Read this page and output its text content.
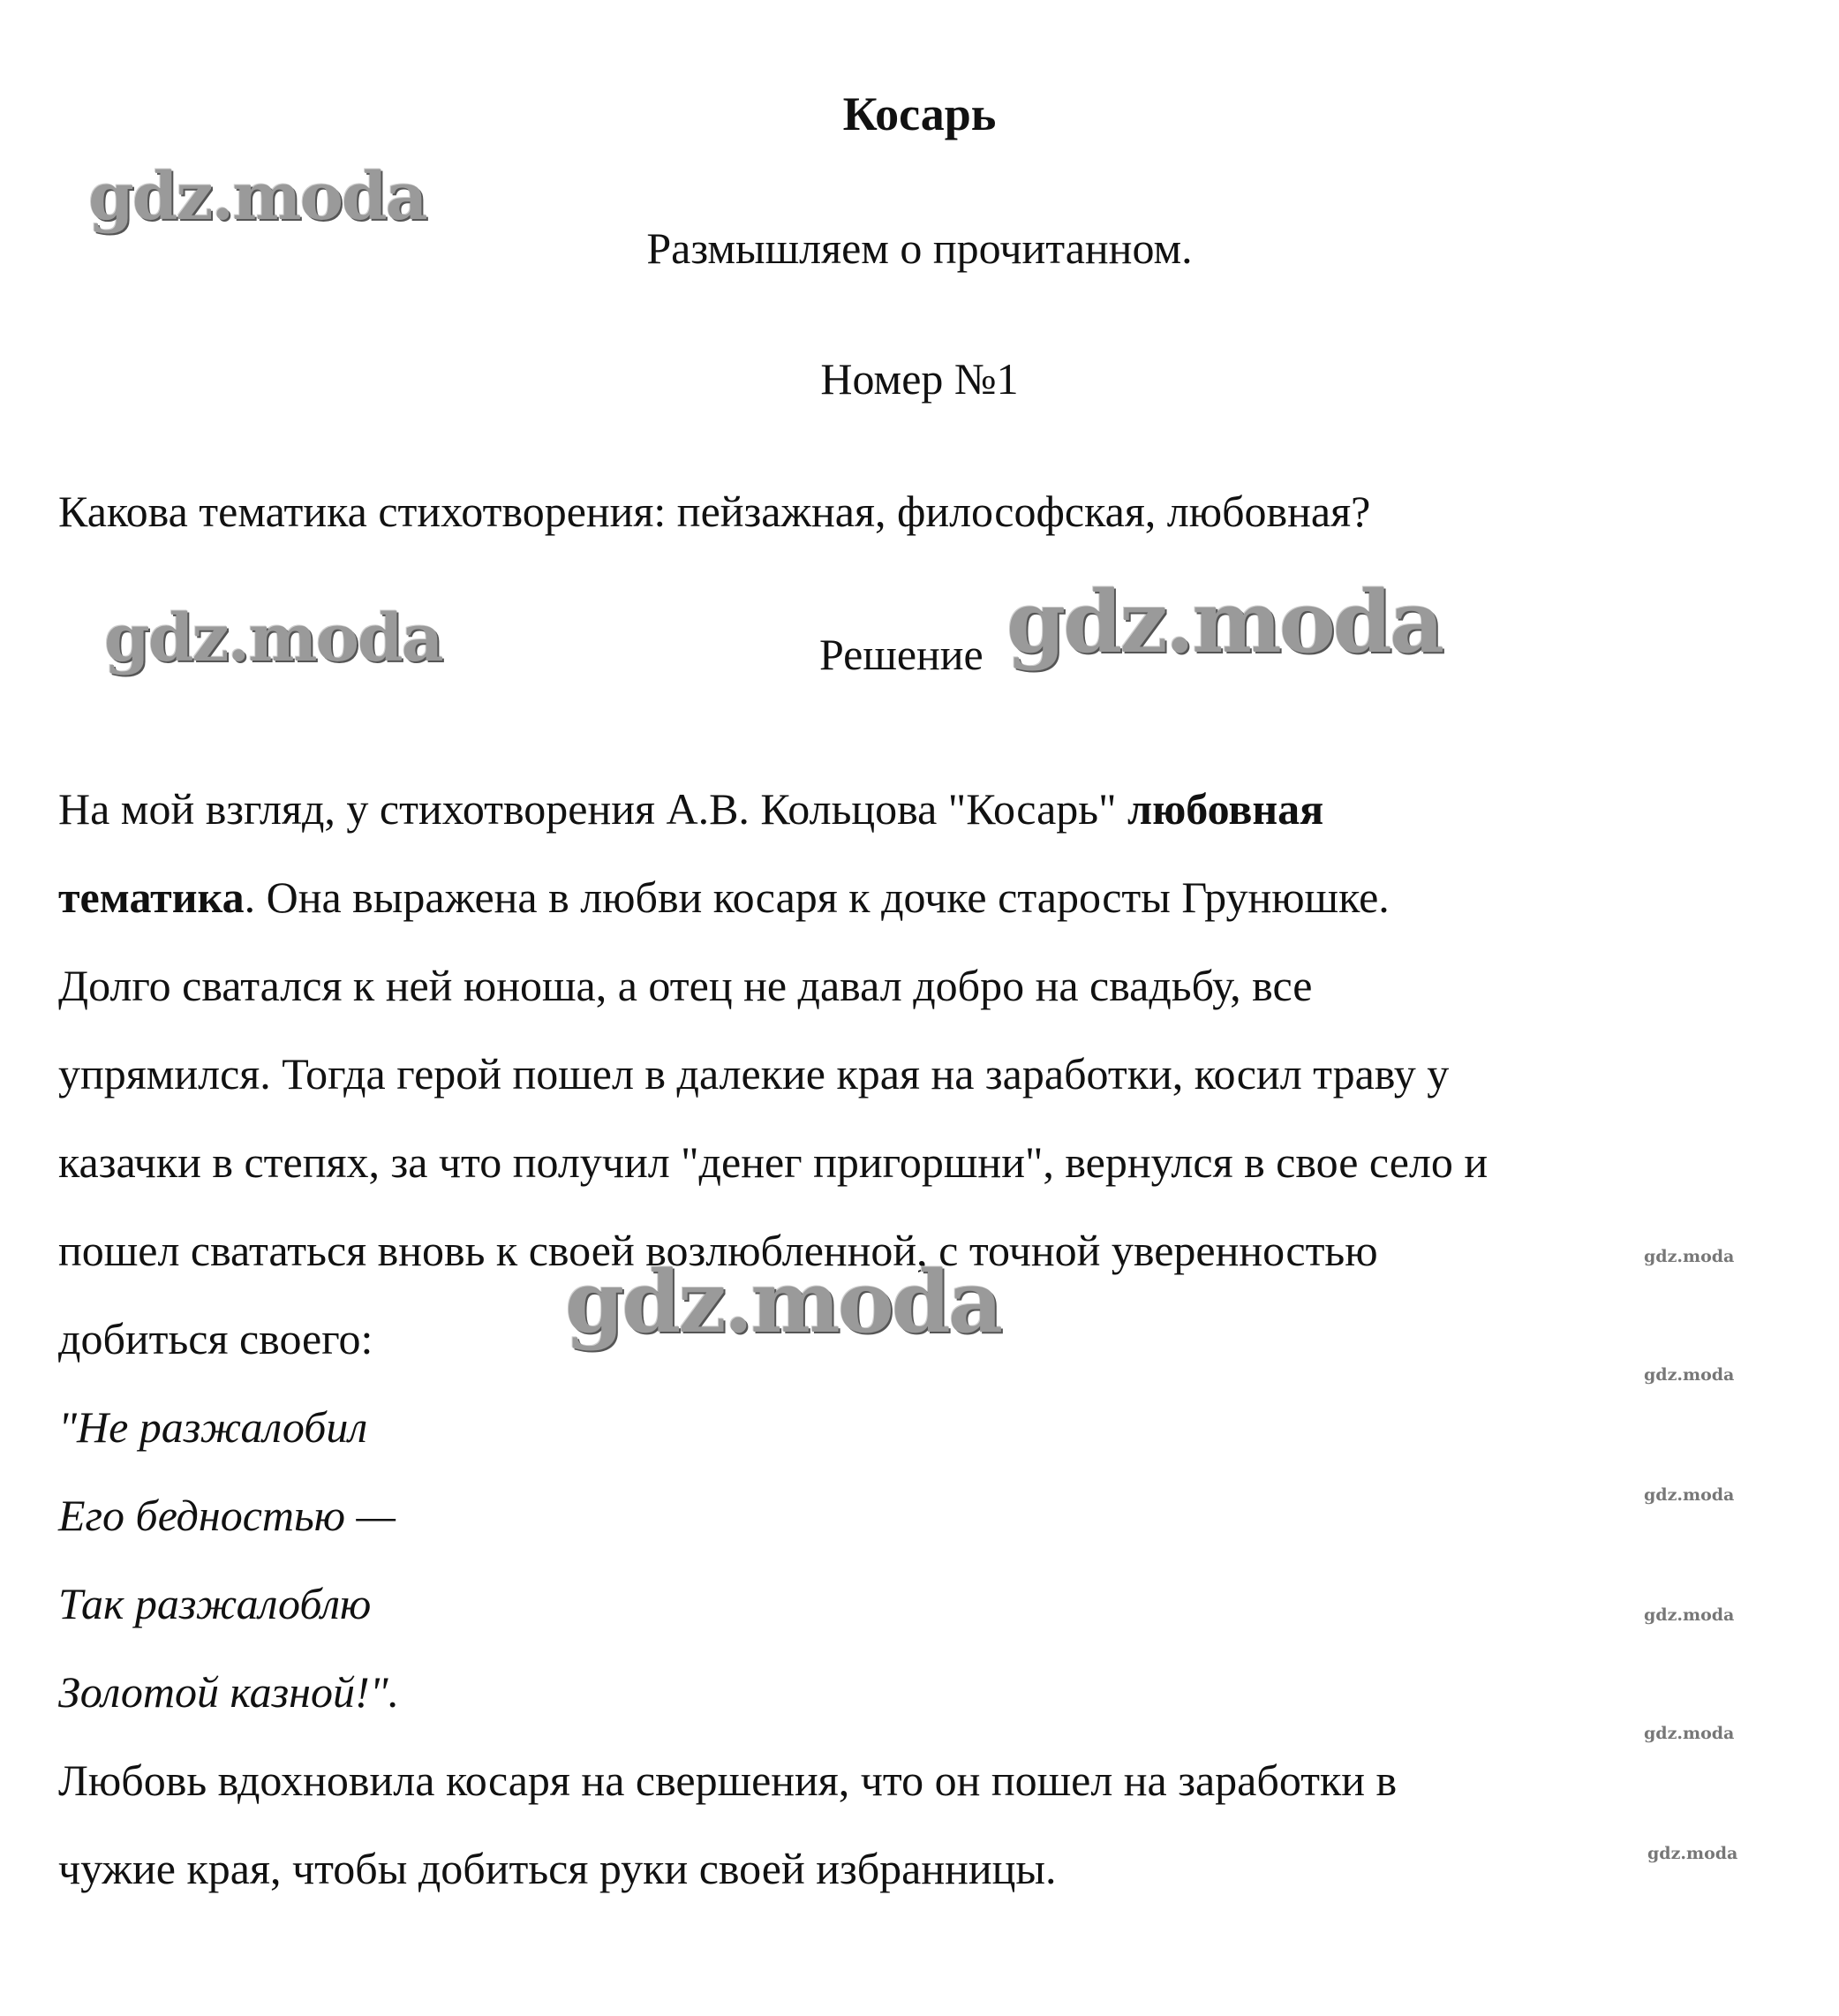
Косарь
Размышляем о прочитанном.
Номер №1
Какова тематика стихотворения: пейзажная, философская, любовная?
Решение

На мой взгляд, у стихотворения А.В. Кольцова "Косарь" любовная

тематика. Она выражена в любви косаря к дочке старосты Грунюшке.

Долго сватался к ней юноша, а отец не давал добро на свадьбу, все

упрямился. Тогда герой пошел в далекие края на заработки, косил траву у

казачки в степях, за что получил "денег пригоршни", вернулся в свое село и

пошел свататься вновь к своей возлюбленной, с точной уверенностью

добиться своего:

"Не разжалобил

Его бедностью —

Так разжалоблю

Золотой казной!".

Любовь вдохновила косаря на свершения, что он пошел на заработки в

чужие края, чтобы добиться руки своей избранницы.

gdz.moda
gdz.moda	gdz.moda
gdz.moda	gdz.moda
gdz.moda
gdz.moda
gdz.moda
gdz.moda
gdz.moda
